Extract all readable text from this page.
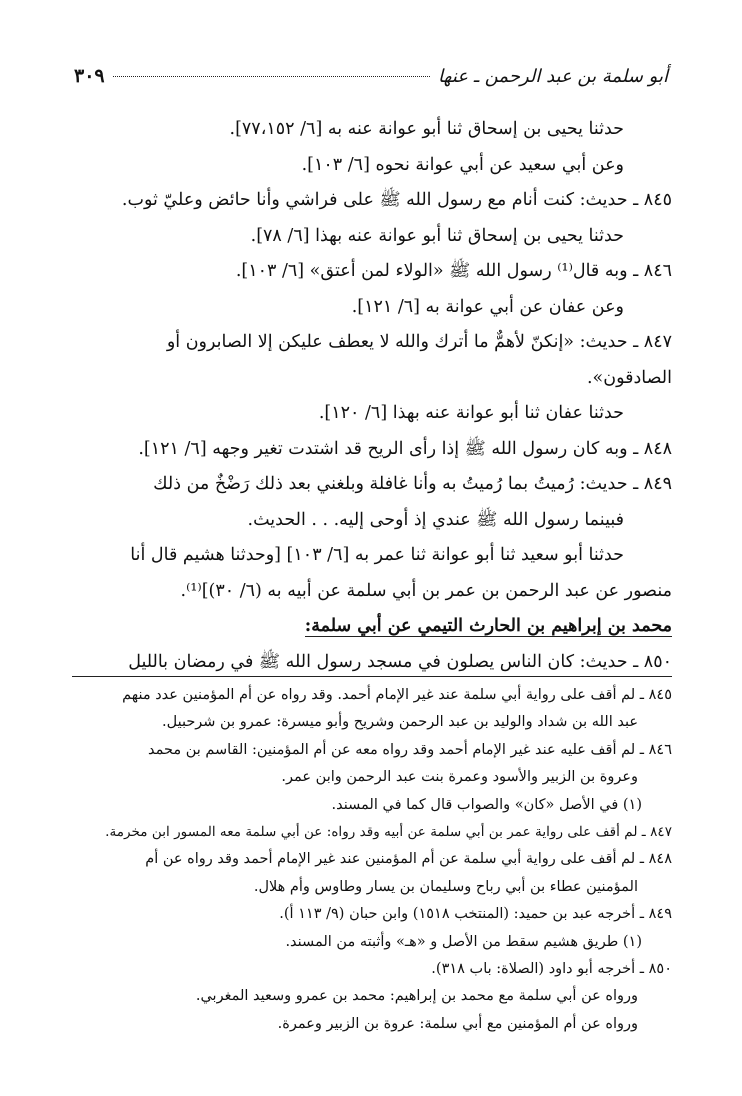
أبو سلمة بن عبد الرحمن ـ عنها
٣٠٩

حدثنا يحيى بن إسحاق ثنا أبو عوانة عنه به [٦/ ٧٧،١٥٢].

وعن أبي سعيد عن أبي عوانة نحوه [٦/ ١٠٣].

٨٤٥ ـ حديث: كنت أنام مع رسول الله ﷺ على فراشي وأنا حائض وعليّ ثوب.

حدثنا يحيى بن إسحاق ثنا أبو عوانة عنه بهذا [٦/ ٧٨].

٨٤٦ ـ وبه قال⁽¹⁾ رسول الله ﷺ «الولاء لمن أعتق» [٦/ ١٠٣].

وعن عفان عن أبي عوانة به [٦/ ١٢١].

٨٤٧ ـ حديث: «إنكنّ لأهمٌّ ما أترك والله لا يعطف عليكن إلا الصابرون أو

الصادقون».

حدثنا عفان ثنا أبو عوانة عنه بهذا [٦/ ١٢٠].

٨٤٨ ـ وبه كان رسول الله ﷺ إذا رأى الريح قد اشتدت تغير وجهه [٦/ ١٢١].

٨٤٩ ـ حديث: رُميتُ بما رُميتُ به وأنا غافلة وبلغني بعد ذلك رَضْخٌ من ذلك

فبينما رسول الله ﷺ عندي إذ أوحى إليه. . . الحديث.

حدثنا أبو سعيد ثنا أبو عوانة ثنا عمر به [٦/ ١٠٣] [وحدثنا هشيم قال أنا

منصور عن عبد الرحمن بن عمر بن أبي سلمة عن أبيه به (٦/ ٣٠)]⁽¹⁾.

محمد بن إبراهيم بن الحارث التيمي عن أبي سلمة:

٨٥٠ ـ حديث: كان الناس يصلون في مسجد رسول الله ﷺ في رمضان بالليل

٨٤٥ ـ لم أقف على رواية أبي سلمة عند غير الإمام أحمد. وقد رواه عن أم المؤمنين عدد منهم

عبد الله بن شداد والوليد بن عبد الرحمن وشريح وأبو ميسرة: عمرو بن شرحبيل.

٨٤٦ ـ لم أقف عليه عند غير الإمام أحمد وقد رواه معه عن أم المؤمنين: القاسم بن محمد

وعروة بن الزبير والأسود وعمرة بنت عبد الرحمن وابن عمر.

(١) في الأصل «كان» والصواب قال كما في المسند.

٨٤٧ ـ لم أقف على رواية عمر بن أبي سلمة عن أبيه وقد رواه: عن أبي سلمة معه المسور ابن مخرمة.

٨٤٨ ـ لم أقف على رواية أبي سلمة عن أم المؤمنين عند غير الإمام أحمد وقد رواه عن أم

المؤمنين عطاء بن أبي رباح وسليمان بن يسار وطاوس وأم هلال.

٨٤٩ ـ أخرجه عبد بن حميد: (المنتخب ١٥١٨) وابن حبان (٩/ ١١٣ أ).

(١) طريق هشيم سقط من الأصل و «هـ» وأثبته من المسند.

٨٥٠ ـ أخرجه أبو داود (الصلاة: باب ٣١٨).

ورواه عن أبي سلمة مع محمد بن إبراهيم: محمد بن عمرو وسعيد المغربي.

ورواه عن أم المؤمنين مع أبي سلمة: عروة بن الزبير وعمرة.
